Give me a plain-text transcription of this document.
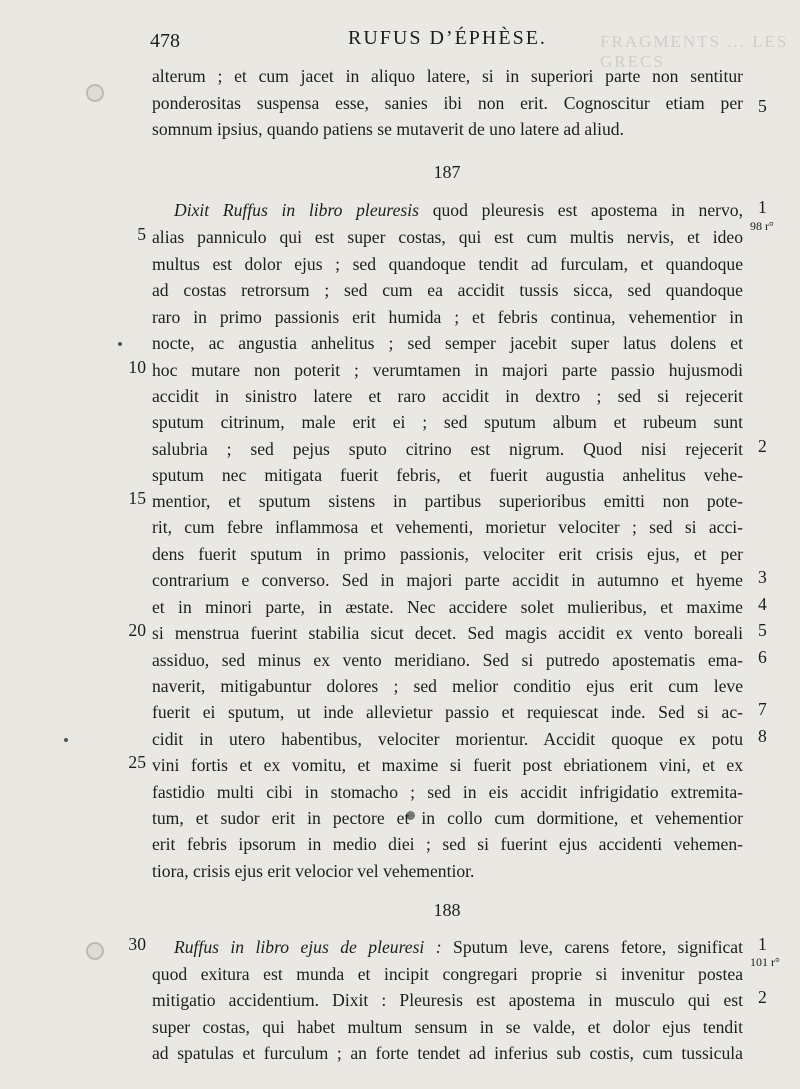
FRAGMENTS ... LES GRECS
478	RUFUS D’ÉPHÈSE.
alterum ; et cum jacet in aliquo latere, si in superiori parte non sentitur
ponderositas suspensa esse, sanies ibi non erit. Cognoscitur etiam per
somnum ipsius, quando patiens se mutaverit de uno latere ad aliud.
5
187
Dixit Ruffus in libro pleuresis quod pleuresis est apostema in nervo,
alias panniculo qui est super costas, qui est cum multis nervis, et ideo
multus est dolor ejus ; sed quandoque tendit ad furculam, et quandoque
ad costas retrorsum ; sed cum ea accidit tussis sicca, sed quandoque
raro in primo passionis erit humida ; et febris continua, vehementior in
nocte, ac angustia anhelitus ; sed semper jacebit super latus dolens et
hoc mutare non poterit ; verumtamen in majori parte passio hujusmodi
accidit in sinistro latere et raro accidit in dextro ; sed si rejecerit
sputum citrinum, male erit ei ; sed sputum album et rubeum sunt
salubria ; sed pejus sputo citrino est nigrum. Quod nisi rejecerit
sputum nec mitigata fuerit febris, et fuerit augustia anhelitus vehe-
mentior, et sputum sistens in partibus superioribus emitti non pote-
rit, cum febre inflammosa et vehementi, morietur velociter ; sed si acci-
dens fuerit sputum in primo passionis, velociter erit crisis ejus, et per
contrarium e converso. Sed in majori parte accidit in autumno et hyeme
et in minori parte, in æstate. Nec accidere solet mulieribus, et maxime
si menstrua fuerint stabilia sicut decet. Sed magis accidit ex vento boreali
assiduo, sed minus ex vento meridiano. Sed si putredo apostematis ema-
naverit, mitigabuntur dolores ; sed melior conditio ejus erit cum leve
fuerit ei sputum, ut inde allevietur passio et requiescat inde. Sed si ac-
cidit in utero habentibus, velociter morientur. Accidit quoque ex potu
vini fortis et ex vomitu, et maxime si fuerit post ebriationem vini, et ex
fastidio multi cibi in stomacho ; sed in eis accidit infrigidatio extremita-
tum, et sudor erit in pectore et in collo cum dormitione, et vehementior
erit febris ipsorum in medio diei ; sed si fuerint ejus accidenti vehemen-
tiora, crisis ejus erit velocior vel vehementior.
5
10
15
20
25
1
98 r°
2
3
4
5
6
7
8
188
Ruffus in libro ejus de pleuresi : Sputum leve, carens fetore, significat
quod exitura est munda et incipit congregari proprie si invenitur postea
mitigatio accidentium. Dixit : Pleuresis est apostema in musculo qui est
super costas, qui habet multum sensum in se valde, et dolor ejus tendit
ad spatulas et furculum ; an forte tendet ad inferius sub costis, cum tussicula
30	1
101 r°
2
